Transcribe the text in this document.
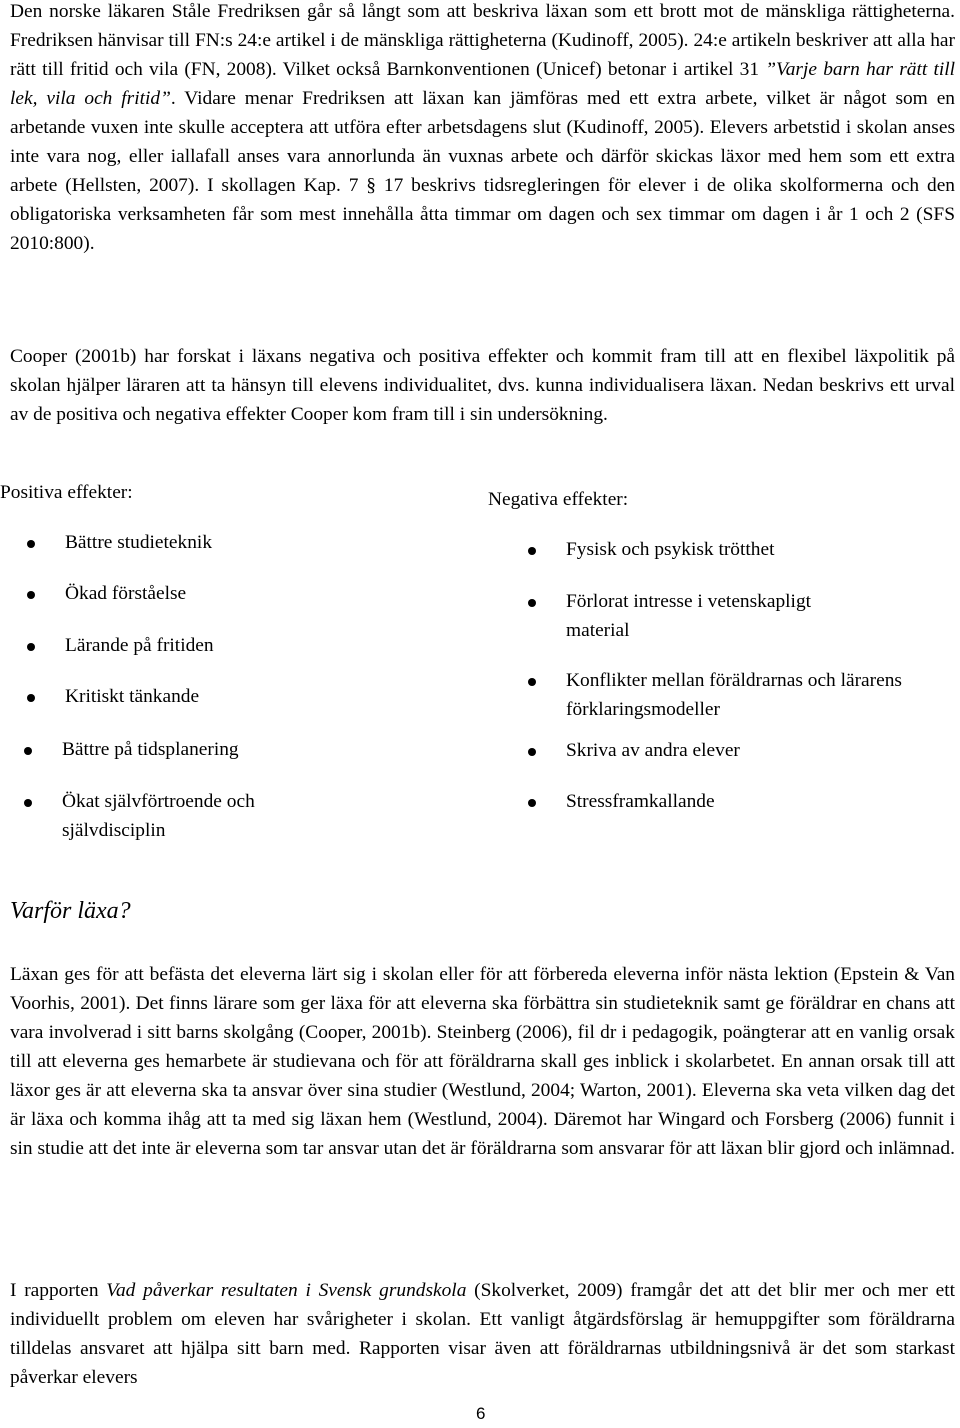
Den norske läkaren Ståle Fredriksen går så långt som att beskriva läxan som ett brott mot de mänskliga rättigheterna. Fredriksen hänvisar till FN:s 24:e artikel i de mänskliga rättigheterna (Kudinoff, 2005). 24:e artikeln beskriver att alla har rätt till fritid och vila (FN, 2008). Vilket också Barnkonventionen (Unicef) betonar i artikel 31 ”Varje barn har rätt till lek, vila och fritid”. Vidare menar Fredriksen att läxan kan jämföras med ett extra arbete, vilket är något som en arbetande vuxen inte skulle acceptera att utföra efter arbetsdagens slut (Kudinoff, 2005). Elevers arbetstid i skolan anses inte vara nog, eller iallafall anses vara annorlunda än vuxnas arbete och därför skickas läxor med hem som ett extra arbete (Hellsten, 2007). I skollagen Kap. 7 § 17 beskrivs tidsregleringen för elever i de olika skolformerna och den obligatoriska verksamheten får som mest innehålla åtta timmar om dagen och sex timmar om dagen i år 1 och 2 (SFS 2010:800).

Cooper (2001b) har forskat i läxans negativa och positiva effekter och kommit fram till att en flexibel läxpolitik på skolan hjälper läraren att ta hänsyn till elevens individualitet, dvs. kunna individualisera läxan. Nedan beskrivs ett urval av de positiva och negativa effekter Cooper kom fram till i sin undersökning.

Positiva effekter:	Negativa effekter:
Bättre studieteknik
Ökad förståelse
Lärande på fritiden
Kritiskt tänkande
Bättre på tidsplanering
Ökat självförtroende och självdisciplin
Fysisk och psykisk trötthet
Förlorat intresse i vetenskapligt material
Konflikter mellan föräldrarnas och lärarens förklaringsmodeller
Skriva av andra elever
Stressframkallande
Varför läxa?

Läxan ges för att befästa det eleverna lärt sig i skolan eller för att förbereda eleverna inför nästa lektion (Epstein & Van Voorhis, 2001). Det finns lärare som ger läxa för att eleverna ska förbättra sin studieteknik samt ge föräldrar en chans att vara involverad i sitt barns skolgång (Cooper, 2001b). Steinberg (2006), fil dr i pedagogik, poängterar att en vanlig orsak till att eleverna ges hemarbete är studievana och för att föräldrarna skall ges inblick i skolarbetet. En annan orsak till att läxor ges är att eleverna ska ta ansvar över sina studier (Westlund, 2004; Warton, 2001). Eleverna ska veta vilken dag det är läxa och komma ihåg att ta med sig läxan hem (Westlund, 2004). Däremot har Wingard och Forsberg (2006) funnit i sin studie att det inte är eleverna som tar ansvar utan det är föräldrarna som ansvarar för att läxan blir gjord och inlämnad.

I rapporten Vad påverkar resultaten i Svensk grundskola (Skolverket, 2009) framgår det att det blir mer och mer ett individuellt problem om eleven har svårigheter i skolan. Ett vanligt åtgärdsförslag är hemuppgifter som föräldrarna tilldelas ansvaret att hjälpa sitt barn med. Rapporten visar även att föräldrarnas utbildningsnivå är det som starkast påverkar elevers

6
